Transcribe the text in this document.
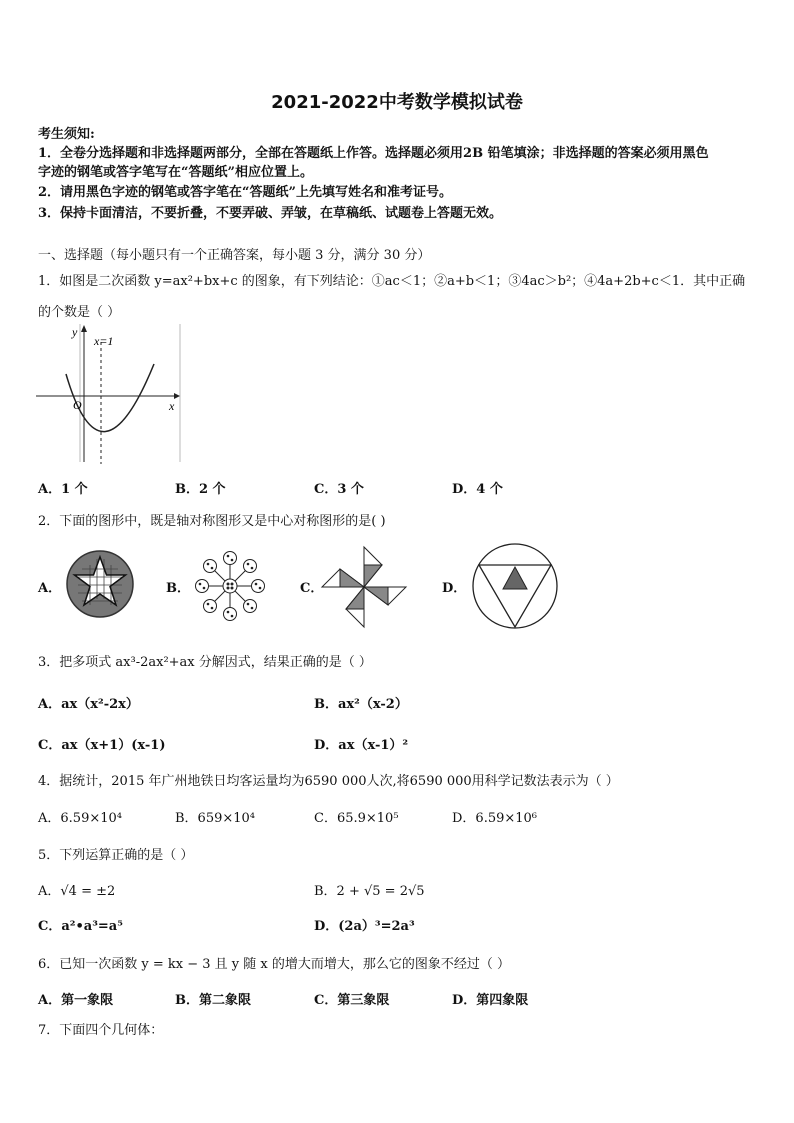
2021-2022中考数学模拟试卷
考生须知:
1．全卷分选择题和非选择题两部分，全部在答题纸上作答。选择题必须用2B 铅笔填涂；非选择题的答案必须用黑色
字迹的钢笔或答字笔写在“答题纸”相应位置上。
2．请用黑色字迹的钢笔或答字笔在“答题纸”上先填写姓名和准考证号。
3．保持卡面清洁，不要折叠，不要弄破、弄皱，在草稿纸、试题卷上答题无效。
一、选择题（每小题只有一个正确答案，每小题 3 分，满分 30 分）
1．如图是二次函数 y=ax²+bx+c 的图象，有下列结论：①ac＜1；②a+b＜1；③4ac＞b²；④4a+2b+c＜1．其中正确
的个数是（ ）
y
x
O
x=1
A．1 个	B．2 个	C．3 个	D．4 个
2．下面的图形中，既是轴对称图形又是中心对称图形的是( )
A．	B．	C．	D．
3．把多项式 ax³-2ax²+ax 分解因式，结果正确的是（ ）
A．ax（x²-2x）	B．ax²（x-2）
C．ax（x+1）(x-1)	D．ax（x-1）²
4．据统计，2015 年广州地铁日均客运量均为6590 000人次,将6590 000用科学记数法表示为（ ）
A．6.59×10⁴	B．659×10⁴	C．65.9×10⁵	D．6.59×10⁶
5．下列运算正确的是（ ）
A．√4 = ±2	B．2 + √5 = 2√5
C．a²•a³=a⁵	D．(2a）³=2a³
6．已知一次函数 y = kx − 3 且 y 随 x 的增大而增大，那么它的图象不经过（ ）
A．第一象限	B．第二象限	C．第三象限	D．第四象限
7．下面四个几何体：
